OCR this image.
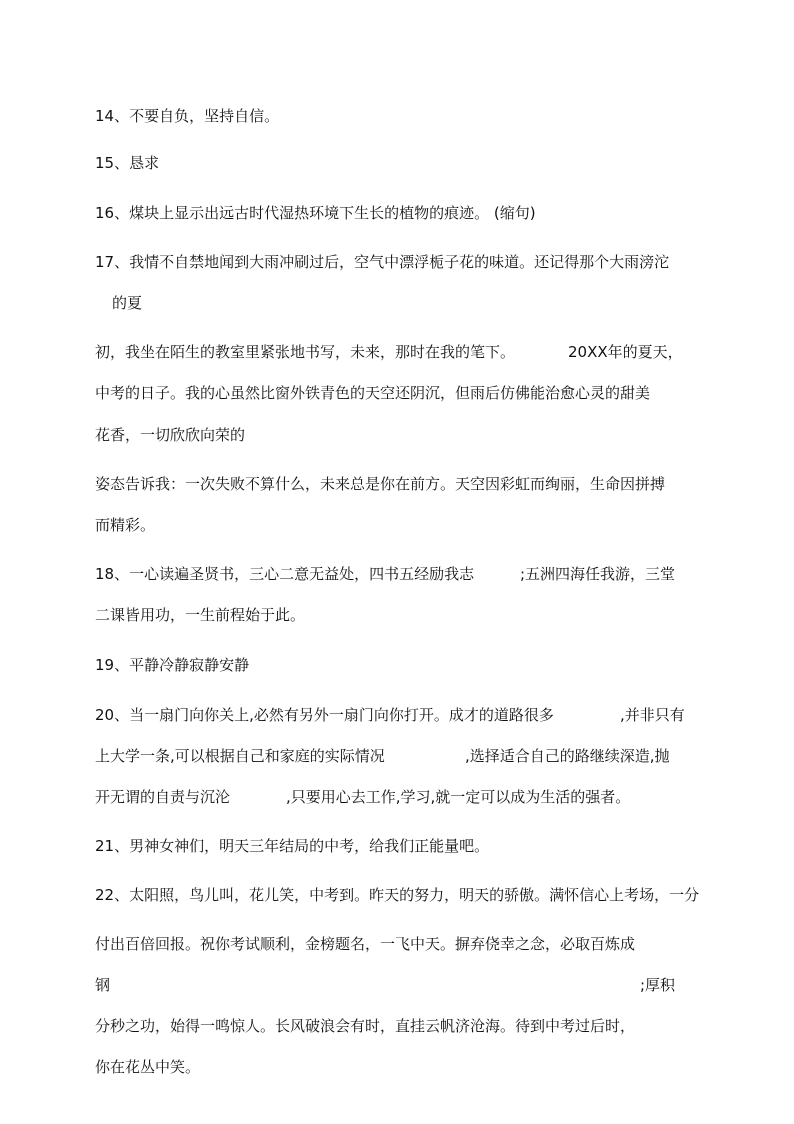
14、不要自负，坚持自信。
15、恳求
16、煤块上显示出远古时代湿热环境下生长的植物的痕迹。 (缩句)
17、我情不自禁地闻到大雨冲刷过后，空气中漂浮栀子花的味道。还记得那个大雨滂沱
的夏
初，我坐在陌生的教室里紧张地书写，未来，那时在我的笔下。	20XX年的夏天，
中考的日子。我的心虽然比窗外铁青色的天空还阴沉，但雨后仿佛能治愈心灵的甜美
花香，一切欣欣向荣的
姿态告诉我：一次失败不算什么，未来总是你在前方。天空因彩虹而绚丽，生命因拼搏
而精彩。
18、一心读遍圣贤书，三心二意无益处，四书五经励我志	;五洲四海任我游，三堂
二课皆用功，一生前程始于此。
19、平静冷静寂静安静
20、当一扇门向你关上,必然有另外一扇门向你打开。成才的道路很多	,并非只有
上大学一条,可以根据自己和家庭的实际情况	,选择适合自己的路继续深造,抛
开无谓的自责与沉沦	,只要用心去工作,学习,就一定可以成为生活的强者。
21、男神女神们，明天三年结局的中考，给我们正能量吧。
22、太阳照，鸟儿叫，花儿笑，中考到。昨天的努力，明天的骄傲。满怀信心上考场，一分
付出百倍回报。祝你考试顺利，金榜题名，一飞中天。摒弃侥幸之念，必取百炼成
钢	;厚积
分秒之功，始得一鸣惊人。长风破浪会有时，直挂云帆济沧海。待到中考过后时，
你在花丛中笑。
